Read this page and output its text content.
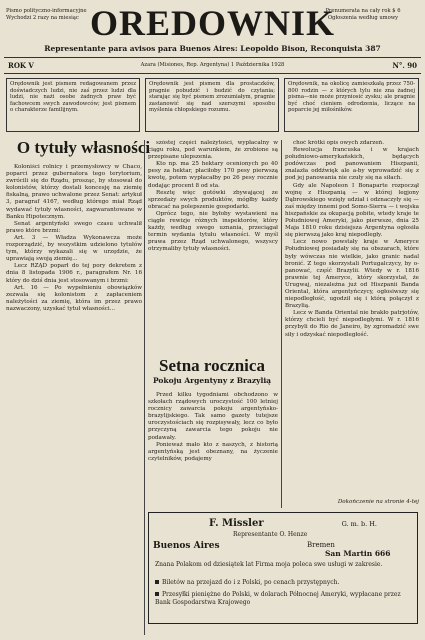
Pismo polityczno-informacyjne
Wychodzi 2 razy na miesiąc OREDOWNIK
Prenumerata na cały rok $ 6
Ogłoszenia według umowy
Representante para avisos para Buenos Aires: Leopoldo Bison, Reconquista 387
ROK V	Azara (Misiones, Rep. Argentyna) 1 Października 1928	N°. 90
Orędownik jest pismem redagowanem przez doświadczych ludzi, nie zaś przez ludzi dla ludzi, nie nażi osobe żadnych praw być fachowcem swych zawodowców; jest pismem o charakterze familijnym.
Orędownik jest pismem dla prostaczków, pragnie pobudzić i budzić do czytania; starając się być pismem zrozumiałym, pragnie zastanowić się nad szerszymi sposobu myślenia chłopskiego rozumu.
Orędownik, na okolicę zamieszkałą przez 750-800 rodzin — z których tylu nie zna żadnej pisma—nie może przyniosić zysku; ale pragnie być choć cieniem odrodzenia, liczące na poparcie jej miłośników.
O tytuły własności

Koloniści rolnicy i przemysłowcy w Chaco, poparci przez gubernatora tego terytorium, zwrócili się do Rządu, prosząc, by stosował do kolonistów, którzy dostali koncesję na ziemię fiskalną, prawo uchwalone przez Senat: artykuł 3, paragraf 4167, według którego miał Rząd wydawać tytuły własności, zagwarantowane w Banku Hipotecznym.

Senat argentyński swego czasu uchwalił prawo które brzmi:

Art. 3 — Władza Wykonawcza może rozporządzić, by wszystkim udzielono tytułów tym, którzy wykazali się w urzędzie, że uprawiają swoją ziemię...

Lecz RZĄD poparł do tej pory dekretem z dnia 8 listopada 1906 r., paragrafem Nr. 16 który do dziś dnia jest stosowanym i brzmi:

Art. 16 — Po wypełnieniu obowiązków zezwala się kolonistom z zapłaceniem należytości za ziemię, która im przez prawo nazwaczony, uzyskać tytuł własności...

szóstej części należytości, wypłacalny w ciągu roku, pod warunkiem, że zrobione są przepisane ulepszenia.

Kto np. ma 25 hektary ocenionych po 40 pesy za hektar, płaciłoby 170 pesy pierwszą kwotę, potem wypłacałby po 26 pesy rocznie dodając procent 8 od sta.

Resztę więc gotówki zbywającej ze sprzedaży swych produktów, mógłby każdy obracać na polepszenie gospodarki.

Oprócz tego, nie byłoby wystawieni na ciągłe rewizje różnych inspektorów, który każdy, według swego uznania, przeciągał termin wydania tytułu własności. W myśl prawa przez Rząd uchwalonego, wszyscy otrzymaliby tytuły własności.

Setna rocznica
Pokoju Argentyny z Brazylią

Przed kilku tygodniami obchodzono w szkołach rządowych uroczystość 100 letniej rocznicy zawarcia pokoju argentyńsko-brazylijskiego. Tak samo gazety tutejsze uroczystościach się rozpisywały, lecz co było przyczyną zawarcia tego pokoju nie podawały.

Ponieważ mało kto z naszych, z historią argentyńską jest obeznany, na życzenie czytelników, podajemy

choć krótki opis owych zdarzeń.

Rewolucja francuska i w krajach południowo-amerykańskich, będących podówczas pod panowaniem Hiszpanii, znalazła oddźwięk ale a-by wprowadzić się z pod jej panowania nie czuły się na siłach.

Gdy ale Napoleon I Bonaparte rozpoczął wojnę z Hiszpanią — w której legjony Dąbrowskiego wzięły udział i odznaczyły się — zaś między innemi pod Somo-Sierra — i wojska hiszpańskie za okupacją pobite, wtedy kraje te Południowej Ameryki, jako pierwsze, dnia 25 Maja 1810 roku dzisiejsza Argentyna ogłosiła się pierwszą jako kraj niepodległy.

Lecz nowo powstały kraje w Ameryce Południowej posiadały się na obszarach, które były wówczas nie wielkie, jako granic nadal bronić. Z tego skorzystali Portugalczycy, by o-panować, część Brazylii. Wtedy w r. 1816 prawnie tej Ameryce, który skorzystał, że Urugwaj, niezależna już od Hiszpanii Banda Oriental, która argentyńczycy, ogłosiwszy się niepodległość, ugodził się i którą połączył z Brazylią.

Lecz w Banda Oriental nie brakło patrjotów, którzy chcieli być niepodległymi. W r. 1816 przybyli do Rio de Janeiro, by zgromadzić swe siły i odzyskać niepodległość.

Dokończenie na stronie 4-tej
F. Missler	G. m. b. H.
Representante O. Henze
Buenos Aires	Bremen
San Martin 666
Znana Polakom od dziesiątek lat Firma moja poleca swe usługi w zakresie.
Biletów na przejazd do i z Polski, po cenach przystępnych.
Przesyłki pieniężne do Polski, w dolarach Północnej Ameryki, wypłacane przez Bank Gospodarstwa Krajowego
